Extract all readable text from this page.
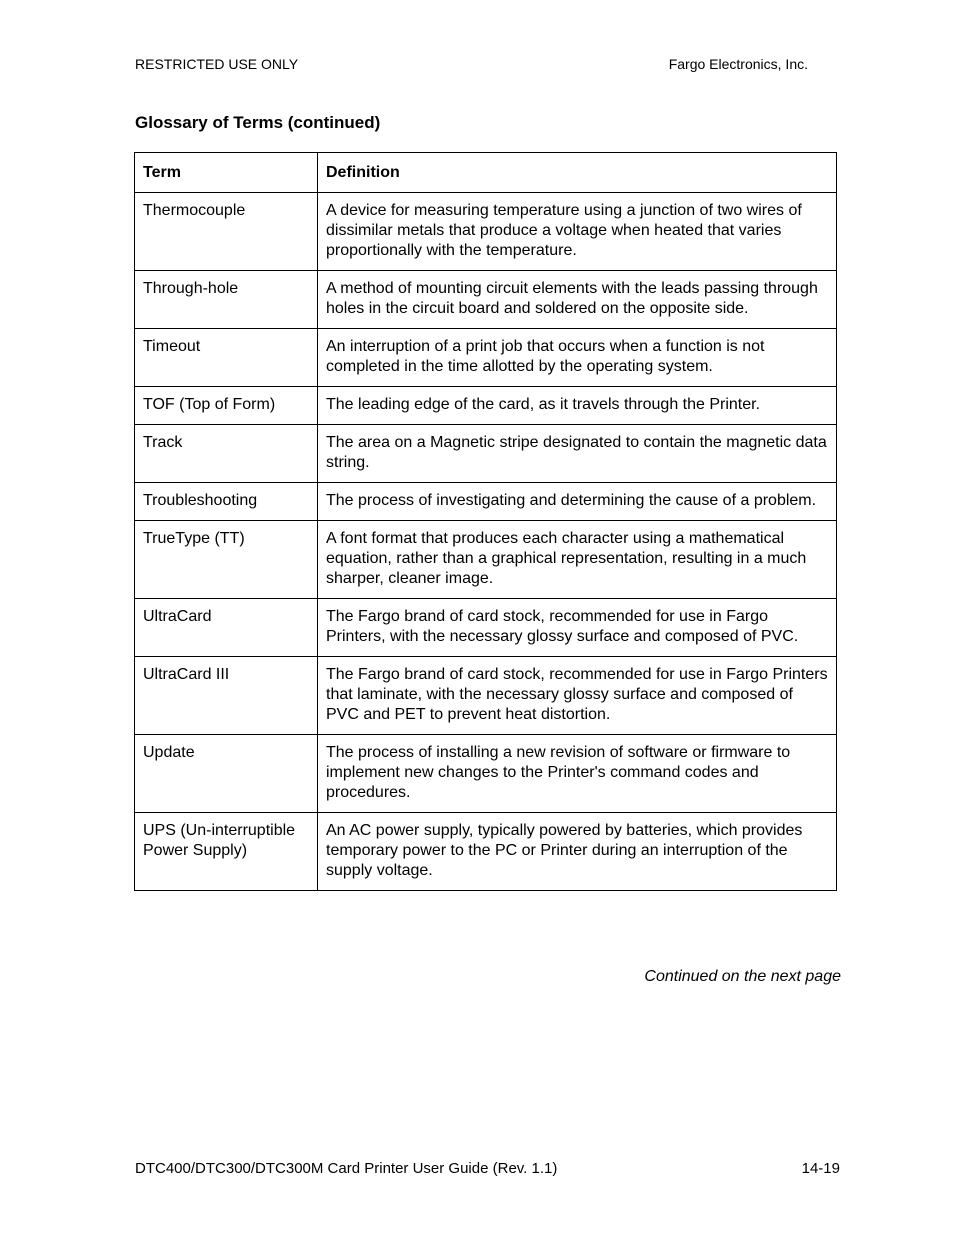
RESTRICTED USE ONLY	Fargo Electronics, Inc.
Glossary of Terms (continued)
Term	Definition
Thermocouple	A device for measuring temperature using a junction of two wires of dissimilar metals that produce a voltage when heated that varies proportionally with the temperature.
Through-hole	A method of mounting circuit elements with the leads passing through holes in the circuit board and soldered on the opposite side.
Timeout	An interruption of a print job that occurs when a function is not completed in the time allotted by the operating system.
TOF (Top of Form)	The leading edge of the card, as it travels through the Printer.
Track	The area on a Magnetic stripe designated to contain the magnetic data string.
Troubleshooting	The process of investigating and determining the cause of a problem.
TrueType (TT)	A font format that produces each character using a mathematical equation, rather than a graphical representation, resulting in a much sharper, cleaner image.
UltraCard	The Fargo brand of card stock, recommended for use in Fargo Printers, with the necessary glossy surface and composed of PVC.
UltraCard III	The Fargo brand of card stock, recommended for use in Fargo Printers that laminate, with the necessary glossy surface and composed of PVC and PET to prevent heat distortion.
Update	The process of installing a new revision of software or firmware to implement new changes to the Printer's command codes and procedures.
UPS (Un-interruptible Power Supply)	An AC power supply, typically powered by batteries, which provides temporary power to the PC or Printer during an interruption of the supply voltage.
Continued on the next page
DTC400/DTC300/DTC300M Card Printer User Guide (Rev. 1.1)	14-19
